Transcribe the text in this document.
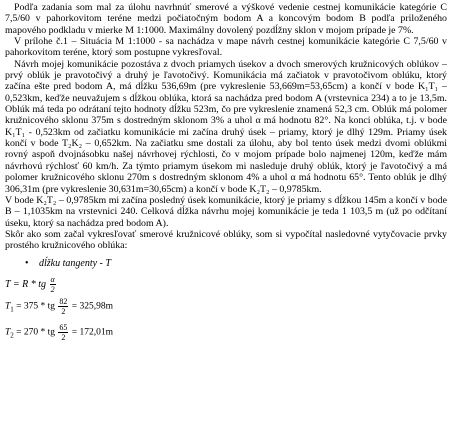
Podľa zadania som mal za úlohu navrhnúť smerové a výškové vedenie cestnej komunikácie kategórie C 7,5/60 v pahorkovitom teréne medzi počiatočným bodom A a koncovým bodom B podľa priloženého mapového podkladu v mierke M 1:1000. Maximálny dovolený pozdĺžny sklon v mojom prípade je 7%.

V prílohe č.1 – Situácia M 1:1000 - sa nachádza v mape návrh cestnej komunikácie kategórie C 7,5/60 v pahorkovitom teréne, ktorý som postupne vykresľoval.

Návrh mojej komunikácie pozostáva z dvoch priamych úsekov a dvoch smerových kružnicových oblúkov – prvý oblúk je pravotočivý a druhý je ľavotočivý. Komunikácia má začiatok v pravotočivom oblúku, ktorý začína ešte pred bodom A, má dĺžku 536,69m (pre vykreslenie 53,669m=53,65cm) a končí v bode K₁T₁ – 0,523km, keďže neuvažujem s dĺžkou oblúka, ktorá sa nachádza pred bodom A (vrstevnica 234) a to je 13,5m. Oblúk má teda po odrátaní tejto hodnoty dĺžku 523m, čo pre vykreslenie znamená 52,3 cm. Oblúk má polomer kružnicového sklonu 375m s dostredným sklonom 3% a uhol α má hodnotu 82°. Na konci oblúka, t.j. v bode K₁T₁ - 0,523km od začiatku komunikácie mi začína druhý úsek – priamy, ktorý je dlhý 129m. Priamy úsek končí v bode T₂K₂ – 0,652km. Na začiatku sme dostali za úlohu, aby bol tento úsek medzi dvomi oblúkmi rovný aspoň dvojnásobku našej návrhovej rýchlosti, čo v mojom prípade bolo najmenej 120m, keďže mám návrhovú rýchlosť 60 km/h. Za týmto priamym úsekom mi nasleduje druhý oblúk, ktorý je ľavotočivý a má polomer kružnicového sklonu 270m s dostredným sklonom 4% a uhol α má hodnotu 65°. Tento oblúk je dlhý 306,31m (pre vykreslenie 30,631m=30,65cm) a končí v bode K₂T₂ – 0,9785km.

V bode K₂T₂ – 0,9785km mi začína posledný úsek komunikácie, ktorý je priamy s dĺžkou 145m a končí v bode B – 1,1035km na vrstevnici 240. Celková dĺžka návrhu mojej komunikácie je teda 1 103,5 m (už po odčítaní úseku, ktorý sa nachádza pred bodom A).

Skôr ako som začal vykresľovať smerové kružnicové oblúky, som si vypočítal nasledovné vytyčovacie prvky prostého kružnicového oblúka:

• dĺžku tangenty - T
T = R * tg $\frac{\alpha}{2}$
$T_1 = 375$ * tg $\frac{82}{2} = 325,98m$
$T_2 = 270$ * tg $\frac{65}{2} = 172,01m$
